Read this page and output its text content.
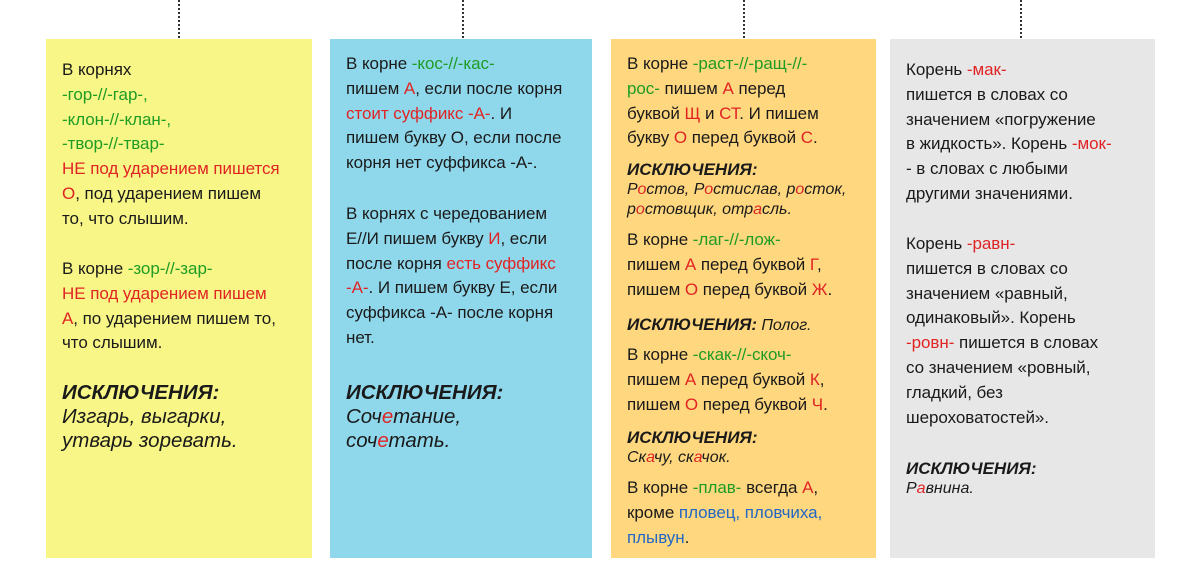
В корнях

-гор-//-гар-,

-клон-//-клан-,

-твор-//-твар-

НЕ под ударением пишется

О, под ударением пишем

то, что слышим.

В корне -зор-//-зар-

НЕ под ударением пишем

А, по ударением пишем то,

что слышим.

ИСКЛЮЧЕНИЯ:

Изгарь, выгарки,

утварь зоревать.

В корне -кос-//-кас-

пишем А, если после корня

стоит суффикс -А-. И

пишем букву О, если после

корня нет суффикса -А-.

В корнях с чередованием

Е//И пишем букву И, если

после корня есть суффикс

-А-. И пишем букву Е, если

суффикса -А- после корня

нет.

ИСКЛЮЧЕНИЯ:

Сочетание,

сочетать.

В корне -раст-//-ращ-//-

рос- пишем А перед

буквой Щ и СТ. И пишем

букву О перед буквой С.

ИСКЛЮЧЕНИЯ:

Ростов, Ростислав, росток,

ростовщик, отрасль.

В корне -лаг-//-лож-

пишем А перед буквой Г,

пишем О перед буквой Ж.

ИСКЛЮЧЕНИЯ: Полог.

В корне -скак-//-скоч-

пишем А перед буквой К,

пишем О перед буквой Ч.

ИСКЛЮЧЕНИЯ:

Скачу, скачок.

В корне -плав- всегда А,

кроме пловец, пловчиха,

плывун.

Корень -мак-

пишется в словах со

значением «погружение

в жидкость». Корень -мок-

- в словах с любыми

другими значениями.

Корень -равн-

пишется в словах со

значением «равный,

одинаковый». Корень

-ровн- пишется в словах

со значением «ровный,

гладкий, без

шероховатостей».

ИСКЛЮЧЕНИЯ:

Равнина.
